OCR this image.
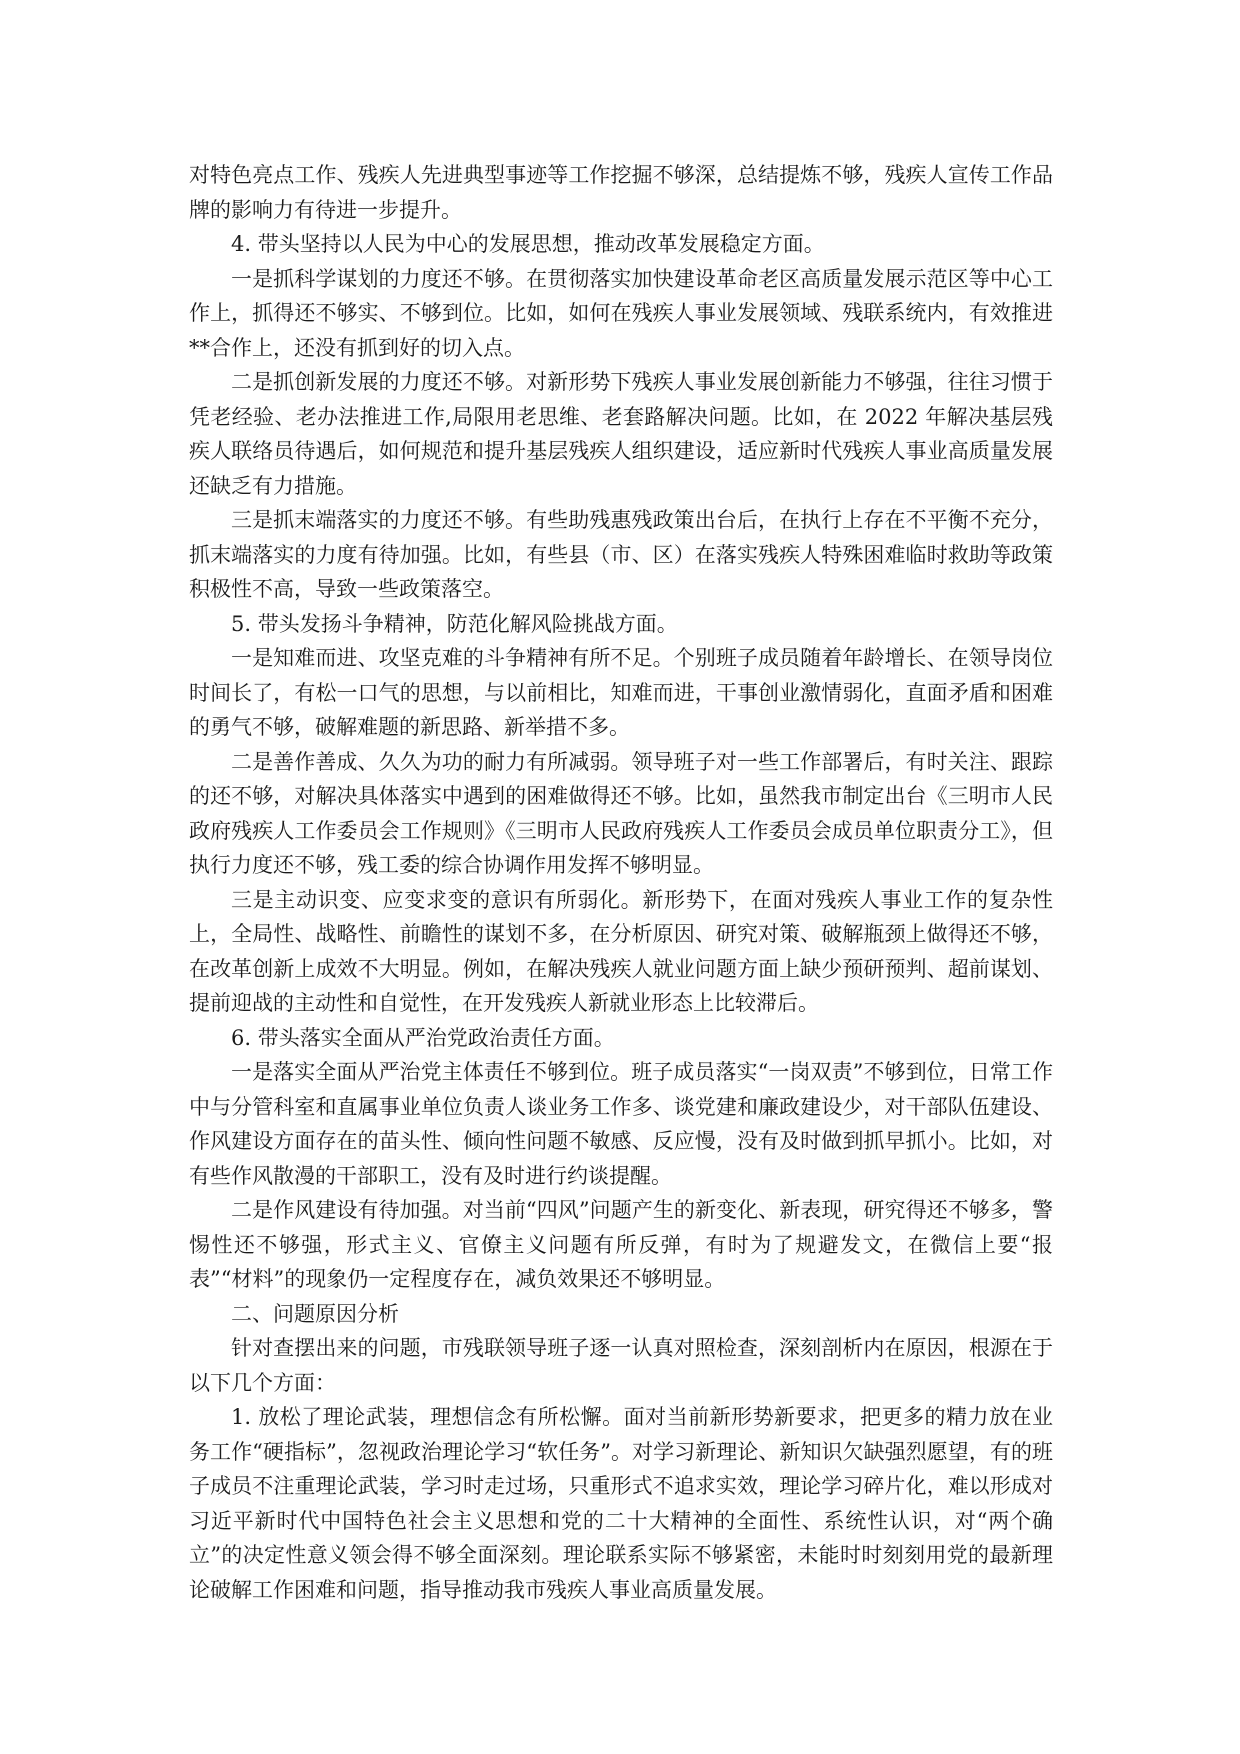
对特色亮点工作、残疾人先进典型事迹等工作挖掘不够深，总结提炼不够，残疾人宣传工作品牌的影响力有待进一步提升。

4. 带头坚持以人民为中心的发展思想，推动改革发展稳定方面。

一是抓科学谋划的力度还不够。在贯彻落实加快建设革命老区高质量发展示范区等中心工作上，抓得还不够实、不够到位。比如，如何在残疾人事业发展领域、残联系统内，有效推进**合作上，还没有抓到好的切入点。

二是抓创新发展的力度还不够。对新形势下残疾人事业发展创新能力不够强，往往习惯于凭老经验、老办法推进工作,局限用老思维、老套路解决问题。比如，在 2022 年解决基层残疾人联络员待遇后，如何规范和提升基层残疾人组织建设，适应新时代残疾人事业高质量发展还缺乏有力措施。

三是抓末端落实的力度还不够。有些助残惠残政策出台后，在执行上存在不平衡不充分，抓末端落实的力度有待加强。比如，有些县（市、区）在落实残疾人特殊困难临时救助等政策积极性不高，导致一些政策落空。

5. 带头发扬斗争精神，防范化解风险挑战方面。

一是知难而进、攻坚克难的斗争精神有所不足。个别班子成员随着年龄增长、在领导岗位时间长了，有松一口气的思想，与以前相比，知难而进，干事创业激情弱化，直面矛盾和困难的勇气不够，破解难题的新思路、新举措不多。

二是善作善成、久久为功的耐力有所减弱。领导班子对一些工作部署后，有时关注、跟踪的还不够，对解决具体落实中遇到的困难做得还不够。比如，虽然我市制定出台《三明市人民政府残疾人工作委员会工作规则》《三明市人民政府残疾人工作委员会成员单位职责分工》，但执行力度还不够，残工委的综合协调作用发挥不够明显。

三是主动识变、应变求变的意识有所弱化。新形势下，在面对残疾人事业工作的复杂性上，全局性、战略性、前瞻性的谋划不多，在分析原因、研究对策、破解瓶颈上做得还不够，在改革创新上成效不大明显。例如，在解决残疾人就业问题方面上缺少预研预判、超前谋划、提前迎战的主动性和自觉性，在开发残疾人新就业形态上比较滞后。

6. 带头落实全面从严治党政治责任方面。

一是落实全面从严治党主体责任不够到位。班子成员落实“一岗双责”不够到位，日常工作中与分管科室和直属事业单位负责人谈业务工作多、谈党建和廉政建设少，对干部队伍建设、作风建设方面存在的苗头性、倾向性问题不敏感、反应慢，没有及时做到抓早抓小。比如，对有些作风散漫的干部职工，没有及时进行约谈提醒。

二是作风建设有待加强。对当前“四风”问题产生的新变化、新表现，研究得还不够多，警惕性还不够强，形式主义、官僚主义问题有所反弹，有时为了规避发文，在微信上要“报表”“材料”的现象仍一定程度存在，减负效果还不够明显。

二、问题原因分析

针对查摆出来的问题，市残联领导班子逐一认真对照检查，深刻剖析内在原因，根源在于以下几个方面：

1. 放松了理论武装，理想信念有所松懈。面对当前新形势新要求，把更多的精力放在业务工作“硬指标”，忽视政治理论学习“软任务”。对学习新理论、新知识欠缺强烈愿望，有的班子成员不注重理论武装，学习时走过场，只重形式不追求实效，理论学习碎片化，难以形成对习近平新时代中国特色社会主义思想和党的二十大精神的全面性、系统性认识，对“两个确立”的决定性意义领会得不够全面深刻。理论联系实际不够紧密，未能时时刻刻用党的最新理论破解工作困难和问题，指导推动我市残疾人事业高质量发展。
